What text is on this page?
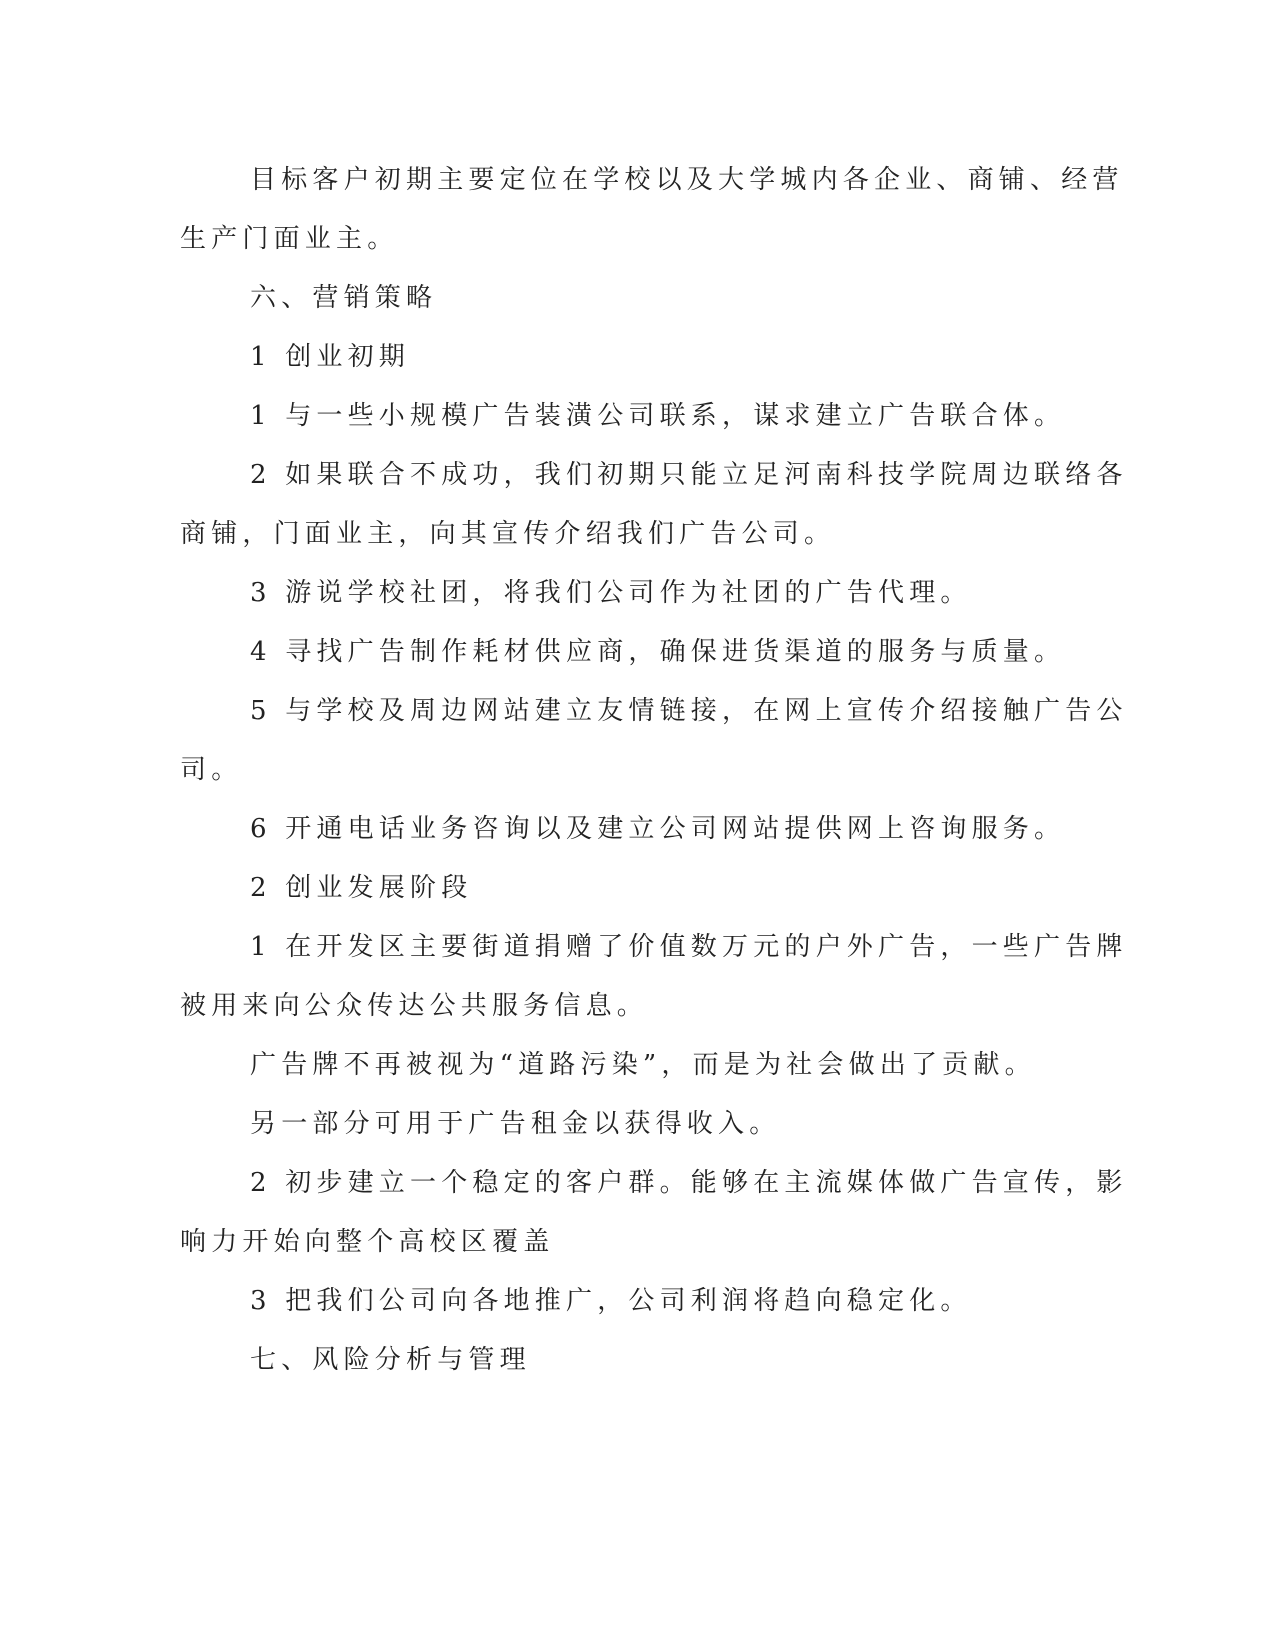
目标客户初期主要定位在学校以及大学城内各企业、商铺、经营
生产门面业主。
六、营销策略
1 创业初期
1 与一些小规模广告装潢公司联系，谋求建立广告联合体。
2 如果联合不成功，我们初期只能立足河南科技学院周边联络各
商铺，门面业主，向其宣传介绍我们广告公司。
3 游说学校社团，将我们公司作为社团的广告代理。
4 寻找广告制作耗材供应商，确保进货渠道的服务与质量。
5 与学校及周边网站建立友情链接，在网上宣传介绍接触广告公
司。
6 开通电话业务咨询以及建立公司网站提供网上咨询服务。
2 创业发展阶段
1 在开发区主要街道捐赠了价值数万元的户外广告，一些广告牌
被用来向公众传达公共服务信息。
广告牌不再被视为“道路污染”，而是为社会做出了贡献。
另一部分可用于广告租金以获得收入。
2 初步建立一个稳定的客户群。能够在主流媒体做广告宣传，影
响力开始向整个高校区覆盖
3 把我们公司向各地推广，公司利润将趋向稳定化。
七、风险分析与管理
